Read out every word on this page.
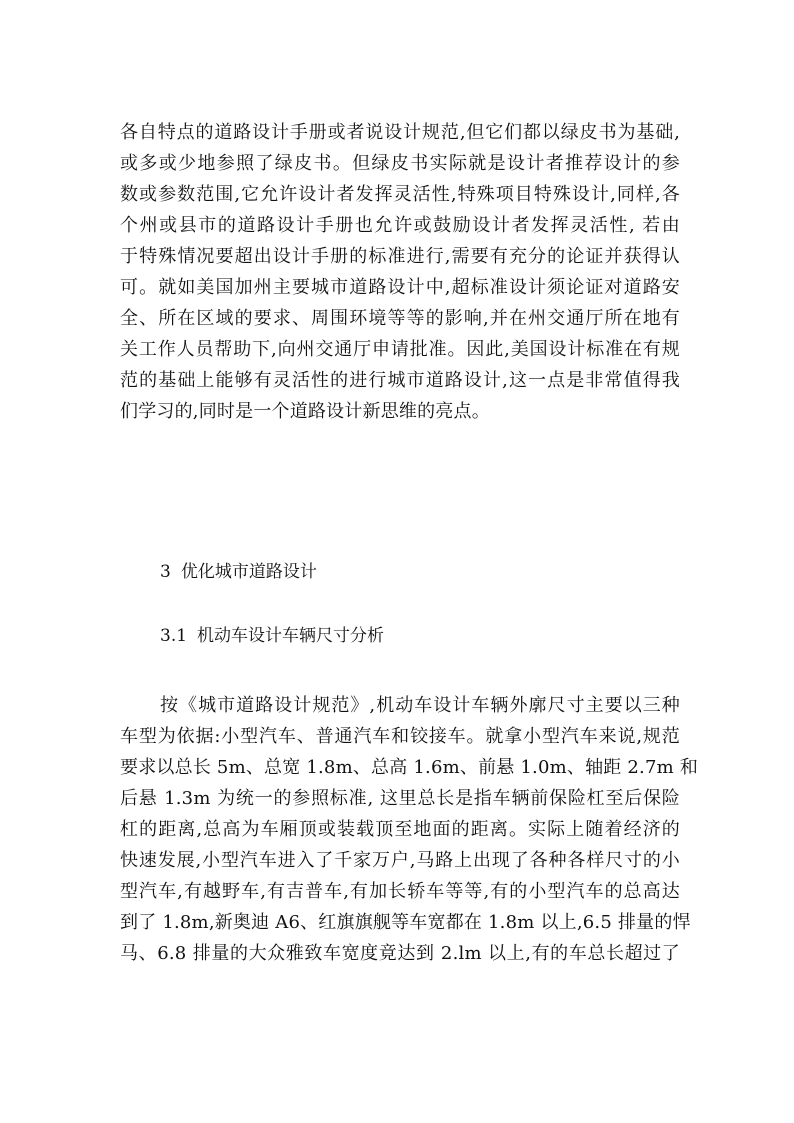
各自特点的道路设计手册或者说设计规范,但它们都以绿皮书为基础,
或多或少地参照了绿皮书。但绿皮书实际就是设计者推荐设计的参
数或参数范围,它允许设计者发挥灵活性,特殊项目特殊设计,同样,各
个州或县市的道路设计手册也允许或鼓励设计者发挥灵活性, 若由
于特殊情况要超出设计手册的标准进行,需要有充分的论证并获得认
可。就如美国加州主要城市道路设计中,超标准设计须论证对道路安
全、所在区域的要求、周围环境等等的影响,并在州交通厅所在地有
关工作人员帮助下,向州交通厅申请批准。因此,美国设计标准在有规
范的基础上能够有灵活性的进行城市道路设计,这一点是非常值得我
们学习的,同时是一个道路设计新思维的亮点。
3 优化城市道路设计
3.1 机动车设计车辆尺寸分析
按《城市道路设计规范》,机动车设计车辆外廓尺寸主要以三种
车型为依据:小型汽车、普通汽车和铰接车。就拿小型汽车来说,规范
要求以总长 5m、总宽 1.8m、总高 1.6m、前悬 1.0m、轴距 2.7m 和
后悬 1.3m 为统一的参照标准, 这里总长是指车辆前保险杠至后保险
杠的距离,总高为车厢顶或装载顶至地面的距离。实际上随着经济的
快速发展,小型汽车进入了千家万户,马路上出现了各种各样尺寸的小
型汽车,有越野车,有吉普车,有加长轿车等等,有的小型汽车的总高达
到了 1.8m,新奥迪 A6、红旗旗舰等车宽都在 1.8m 以上,6.5 排量的悍
马、6.8 排量的大众雅致车宽度竟达到 2.lm 以上,有的车总长超过了
